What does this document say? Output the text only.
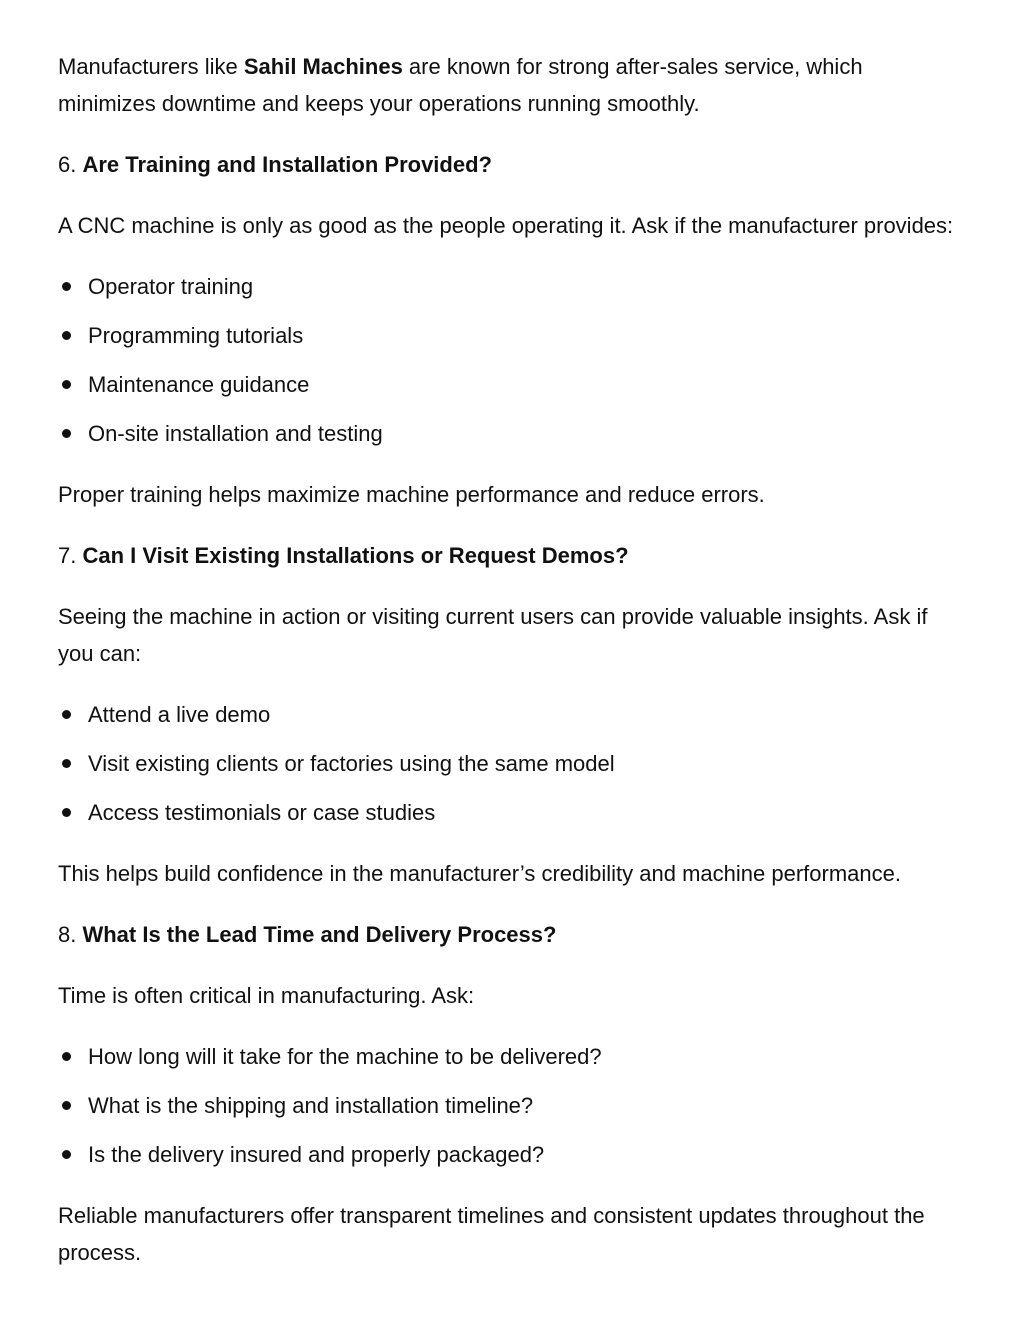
Manufacturers like Sahil Machines are known for strong after-sales service, which minimizes downtime and keeps your operations running smoothly.

6. Are Training and Installation Provided?

A CNC machine is only as good as the people operating it. Ask if the manufacturer provides:

Operator training
Programming tutorials
Maintenance guidance
On-site installation and testing

Proper training helps maximize machine performance and reduce errors.

7. Can I Visit Existing Installations or Request Demos?

Seeing the machine in action or visiting current users can provide valuable insights. Ask if you can:

Attend a live demo
Visit existing clients or factories using the same model
Access testimonials or case studies

This helps build confidence in the manufacturer’s credibility and machine performance.

8. What Is the Lead Time and Delivery Process?

Time is often critical in manufacturing. Ask:

How long will it take for the machine to be delivered?
What is the shipping and installation timeline?
Is the delivery insured and properly packaged?

Reliable manufacturers offer transparent timelines and consistent updates throughout the process.
